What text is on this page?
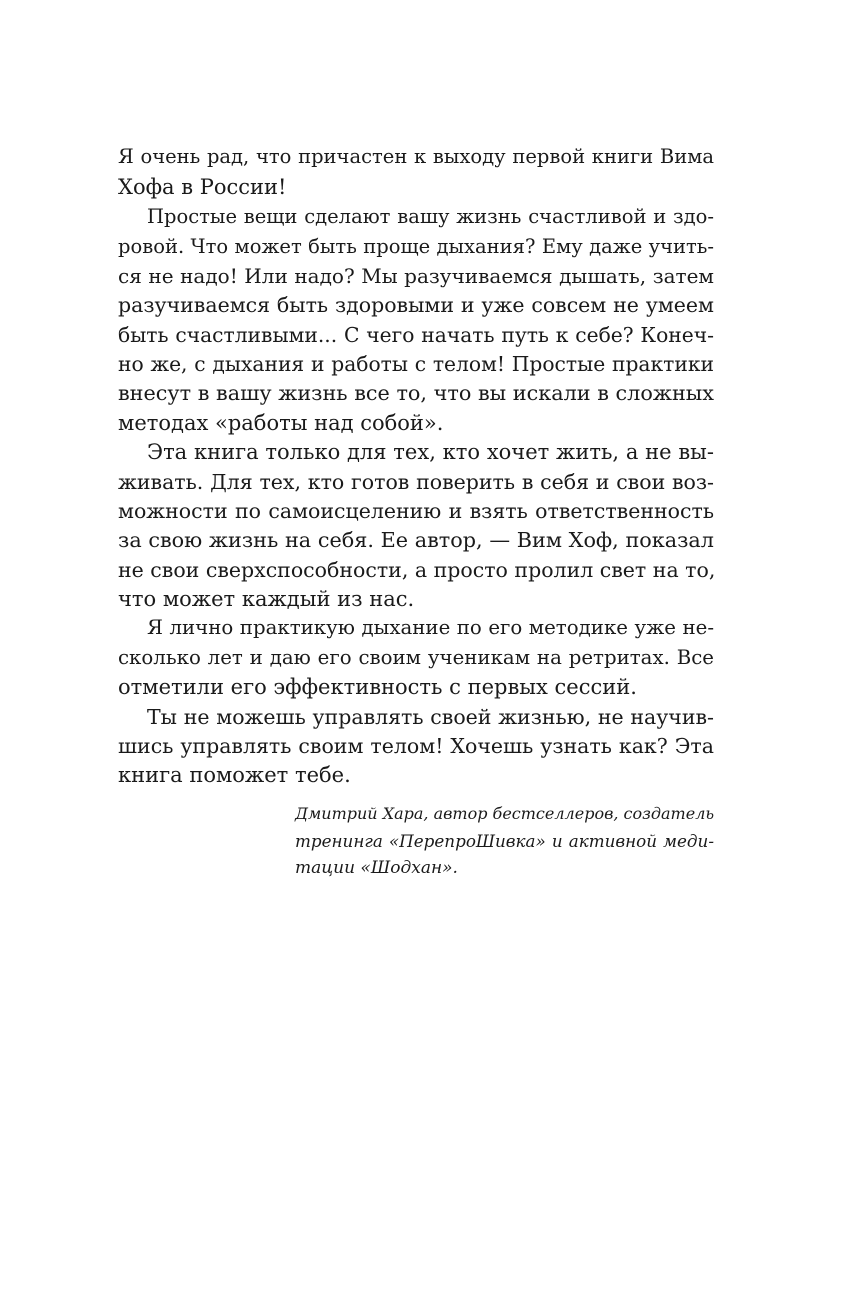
Я очень рад, что причастен к выходу первой книги Вима
Хофа в России!
Простые вещи сделают вашу жизнь счастливой и здо-
ровой. Что может быть проще дыхания? Ему даже учить-
ся не надо! Или надо? Мы разучиваемся дышать, затем
разучиваемся быть здоровыми и уже совсем не умеем
быть счастливыми... С чего начать путь к себе? Конеч-
но же, с дыхания и работы с телом! Простые практики
внесут в вашу жизнь все то, что вы искали в сложных
методах «работы над собой».
Эта книга только для тех, кто хочет жить, а не вы-
живать. Для тех, кто готов поверить в себя и свои воз-
можности по самоисцелению и взять ответственность
за свою жизнь на себя. Ее автор, — Вим Хоф, показал
не свои сверхспособности, а просто пролил свет на то,
что может каждый из нас.
Я лично практикую дыхание по его методике уже не-
сколько лет и даю его своим ученикам на ретритах. Все
отметили его эффективность с первых сессий.
Ты не можешь управлять своей жизнью, не научив-
шись управлять своим телом! Хочешь узнать как? Эта
книга поможет тебе.
Дмитрий Хара, автор бестселлеров, создатель
тренинга «ПерепроШивка» и активной меди-
тации «Шодхан».
